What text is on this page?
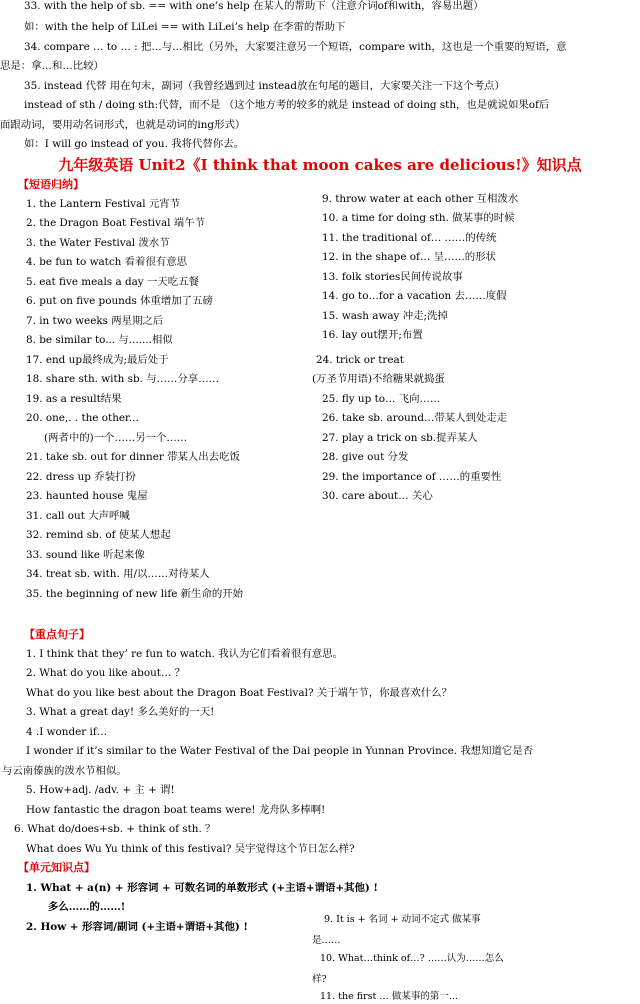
33. with the help of sb. == with one’s help 在某人的帮助下（注意介词of和with，容易出题）
如：with the help of LiLei == with LiLei’s help 在李雷的帮助下
34. compare … to … : 把…与…相比（另外，大家要注意另一个短语，compare with，这也是一个重要的短语，意
思是：拿…和…比较）
35. instead 代替 用在句末，副词（我曾经遇到过 instead放在句尾的题目，大家要关注一下这个考点）
instead of sth / doing sth:代替，而不是 （这个地方考的较多的就是 instead of doing sth，也是就说如果of后
面跟动词，要用动名词形式，也就是动词的ing形式）
如：I will go instead of you. 我将代替你去。
九年级英语 Unit2《I think that moon cakes are delicious!》知识点
【短语归纳】
1. the Lantern Festival 元宵节
2. the Dragon Boat Festival 端午节
3. the Water Festival 泼水节
4. be fun to watch 看着很有意思
5. eat five meals a day 一天吃五餐
6. put on five pounds 体重增加了五磅
7. in two weeks 两星期之后
8. be similar to... 与.......相似
17. end up最终成为;最后处于
18. share sth. with sb. 与……分享……
19. as a result结果
20. one,. . the other...
(两者中的)一个……另一个……
21. take sb. out for dinner 带某人出去吃饭
22. dress up 乔装打扮
23. haunted house 鬼屋
31. call out 大声呼喊
32. remind sb. of 使某人想起
33. sound like 听起来像
34. treat sb. with. 用/以……对待某人
35. the beginning of new life 新生命的开始
9. throw water at each other 互相泼水
10. a time for doing sth. 做某事的时候
11. the traditional of… ……的传统
12. in the shape of… 呈……的形状
13. folk stories民间传说故事
14. go to…for a vacation 去……度假
15. wash away 冲走;洗掉
16. lay out摆开;布置
24. trick or treat
(万圣节用语)不给糖果就捣蛋
25. fly up to… 飞向……
26. take sb. around…带某人到处走走
27. play a trick on sb.捉弄某人
28. give out 分发
29. the importance of ……的重要性
30. care about… 关心
【重点句子】
1. I think that they’ re fun to watch. 我认为它们看着很有意思。
2. What do you like about… ？
What do you like best about the Dragon Boat Festival? 关于端午节，你最喜欢什么？
3. What a great day! 多么美好的一天!
4 .I wonder if…
I wonder if it’s similar to the Water Festival of the Dai people in Yunnan Province. 我想知道它是否
与云南傣族的泼水节相似。
5. How+adj. /adv. + 主 + 谓!
How fantastic the dragon boat teams were! 龙舟队多棒啊!
6. What do/does+sb. + think of sth. ？
What does Wu Yu think of this festival? 吴宇觉得这个节日怎么样?
【单元知识点】
1. What + a(n) + 形容词 + 可数名词的单数形式 (+主语+谓语+其他) !
多么……的……!
2. How + 形容词/副词 (+主语+谓语+其他) !
9. It is + 名词 + 动词不定式 做某事
是……
10. What…think of…? ……认为……怎么
样?
11. the first … 做某事的第一...
